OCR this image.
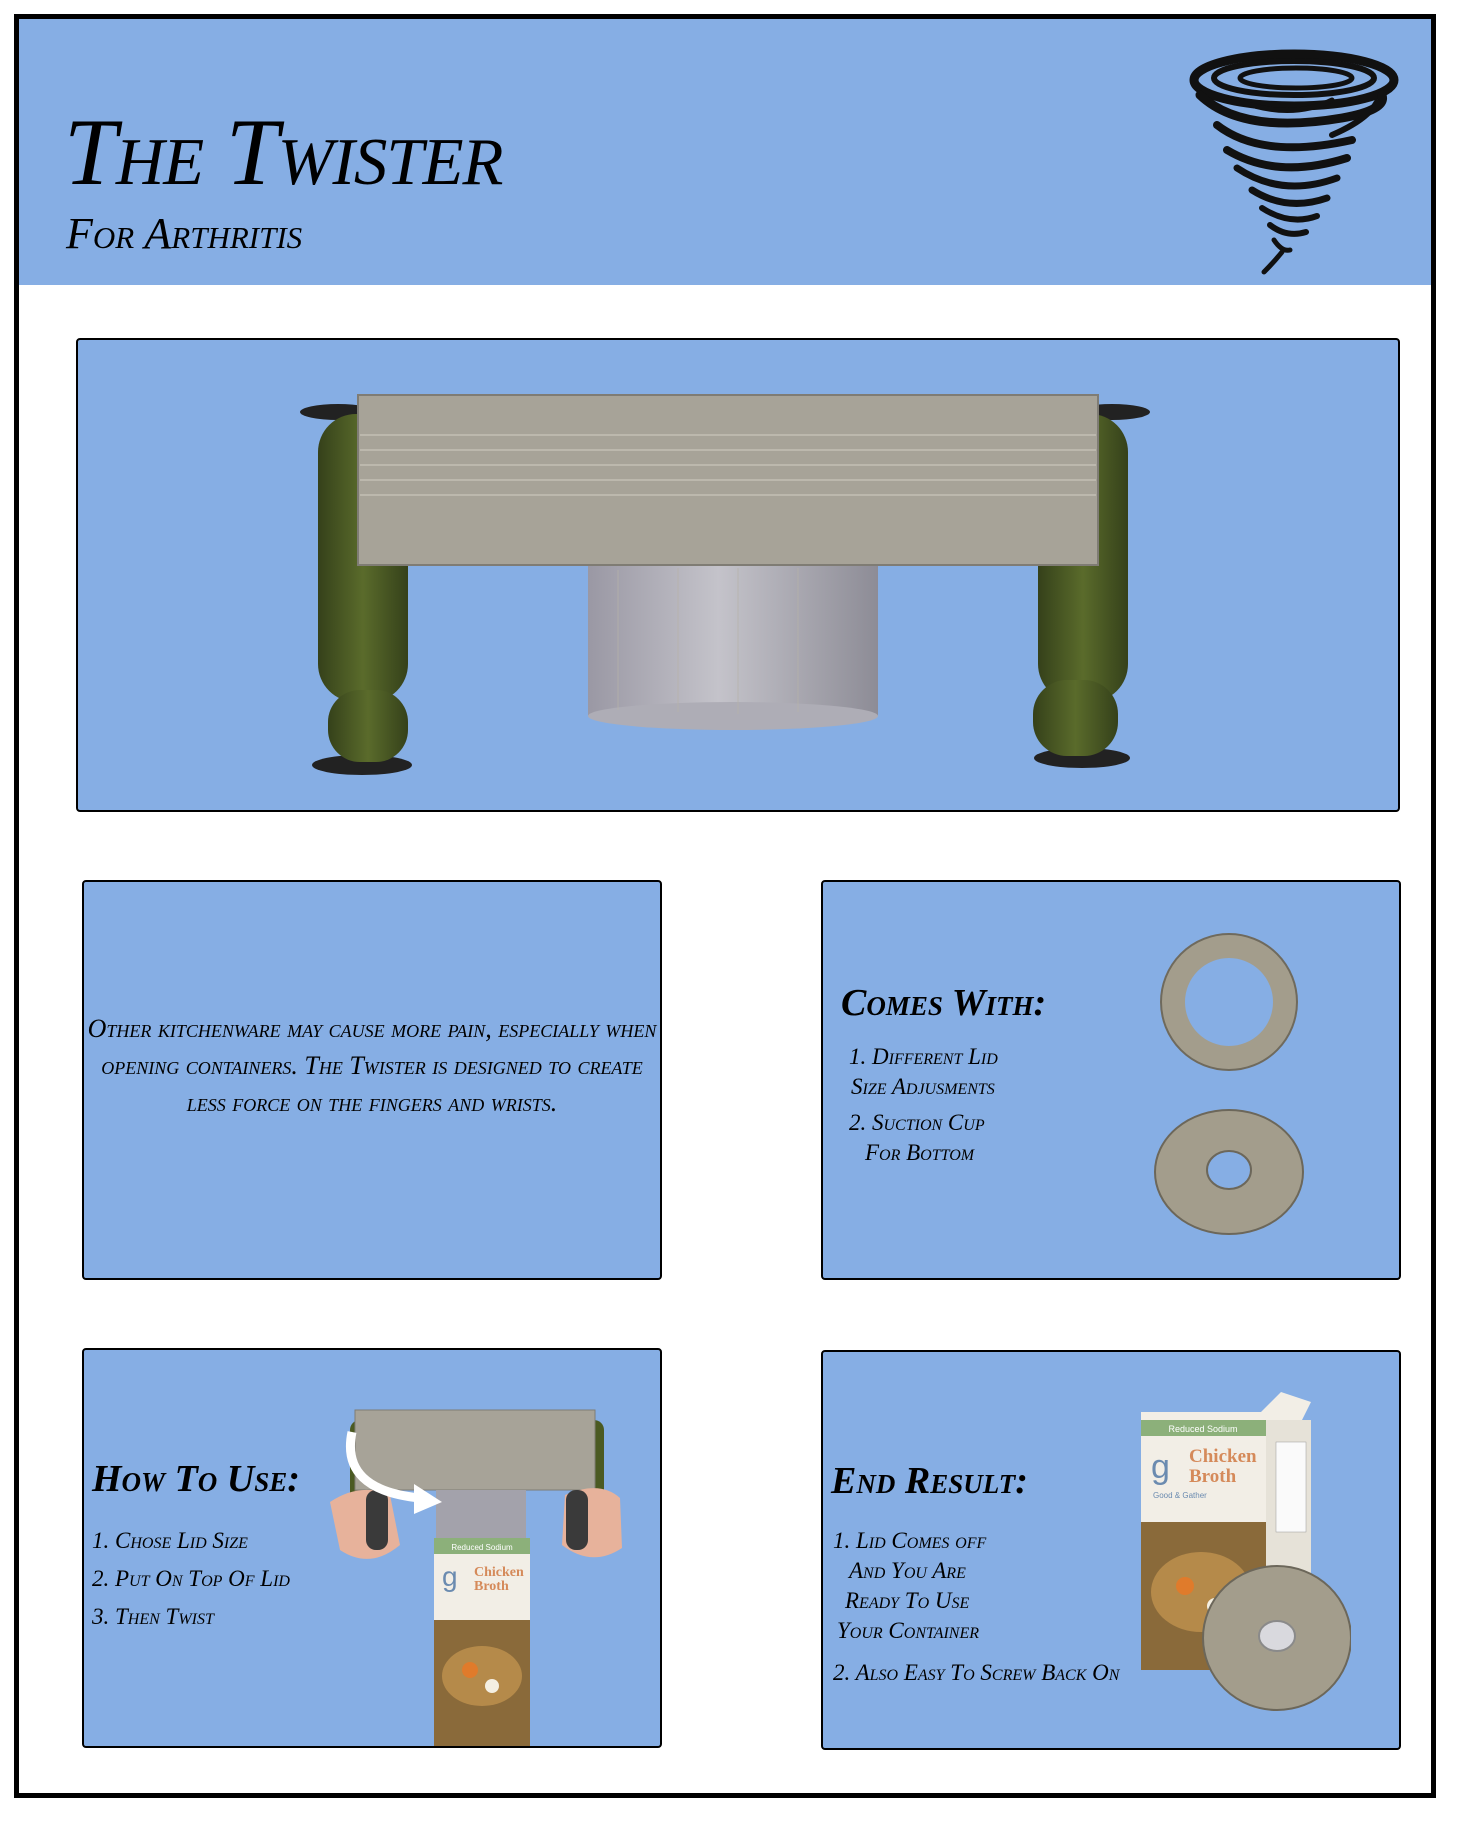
The Twister
For Arthritis
Other kitchenware may cause more pain, especially when opening containers. The Twister is designed to create less force on the fingers and wrists.
Comes With:
1. Different Lid
Size Adjusments
2. Suction Cup
For Bottom
How To Use:
1. Chose Lid Size
2. Put On Top Of Lid
3. Then Twist
Reduced Sodium
g Chicken
Broth
End Result:
1. Lid Comes off
And You Are
Ready To Use
Your Container
2. Also Easy To Screw Back On
Reduced Sodium
g Chicken
Broth
Good & Gather
